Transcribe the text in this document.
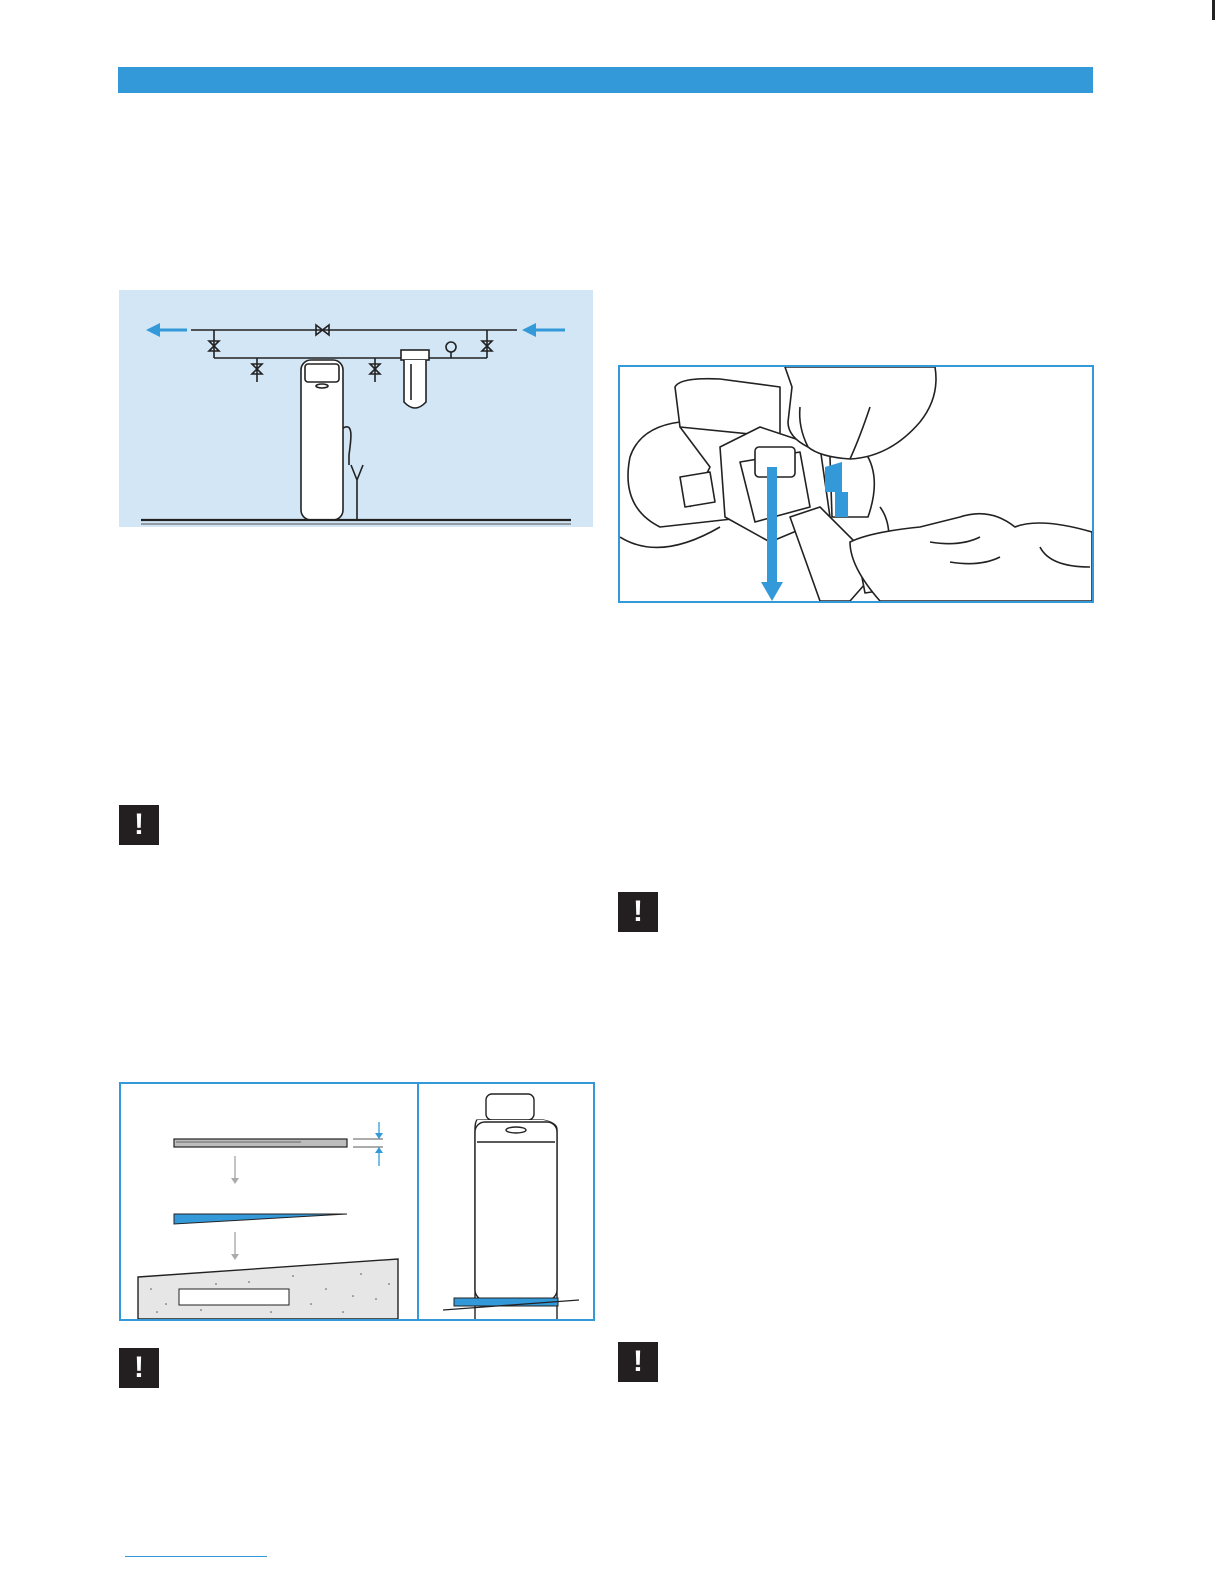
!
!
!	!
